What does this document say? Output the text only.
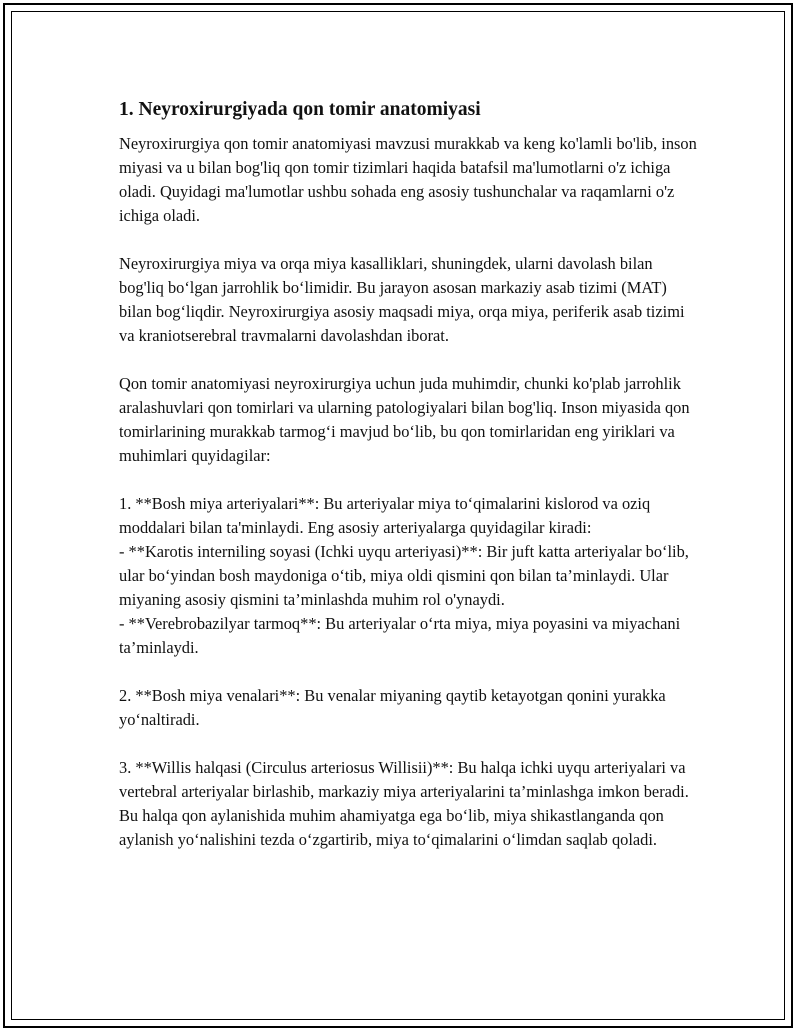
1. Neyroxirurgiyada qon tomir anatomiyasi

Neyroxirurgiya qon tomir anatomiyasi mavzusi murakkab va keng ko'lamli bo'lib, inson miyasi va u bilan bog'liq qon tomir tizimlari haqida batafsil ma'lumotlarni o'z ichiga oladi. Quyidagi ma'lumotlar ushbu sohada eng asosiy tushunchalar va raqamlarni o'z ichiga oladi.

Neyroxirurgiya miya va orqa miya kasalliklari, shuningdek, ularni davolash bilan bog'liq bo‘lgan jarrohlik bo‘limidir. Bu jarayon asosan markaziy asab tizimi (MAT) bilan bog‘liqdir. Neyroxirurgiya asosiy maqsadi miya, orqa miya, periferik asab tizimi va kraniotserebral travmalarni davolashdan iborat.

Qon tomir anatomiyasi neyroxirurgiya uchun juda muhimdir, chunki ko'plab jarrohlik aralashuvlari qon tomirlari va ularning patologiyalari bilan bog'liq. Inson miyasida qon tomirlarining murakkab tarmog‘i mavjud bo‘lib, bu qon tomirlaridan eng yiriklari va muhimlari quyidagilar:

1. **Bosh miya arteriyalari**: Bu arteriyalar miya to‘qimalarini kislorod va oziq moddalari bilan ta'minlaydi. Eng asosiy arteriyalarga quyidagilar kiradi:
- **Karotis interniling soyasi (Ichki uyqu arteriyasi)**: Bir juft katta arteriyalar bo‘lib, ular bo‘yindan bosh maydoniga o‘tib, miya oldi qismini qon bilan ta’minlaydi. Ular miyaning asosiy qismini ta’minlashda muhim rol o'ynaydi.
- **Verebrobazilyar tarmoq**: Bu arteriyalar o‘rta miya, miya poyasini va miyachani ta’minlaydi.

2. **Bosh miya venalari**: Bu venalar miyaning qaytib ketayotgan qonini yurakka yo‘naltiradi.

3. **Willis halqasi (Circulus arteriosus Willisii)**: Bu halqa ichki uyqu arteriyalari va vertebral arteriyalar birlashib, markaziy miya arteriyalarini ta’minlashga imkon beradi. Bu halqa qon aylanishida muhim ahamiyatga ega bo‘lib, miya shikastlanganda qon aylanish yo‘nalishini tezda o‘zgartirib, miya to‘qimalarini o‘limdan saqlab qoladi.
